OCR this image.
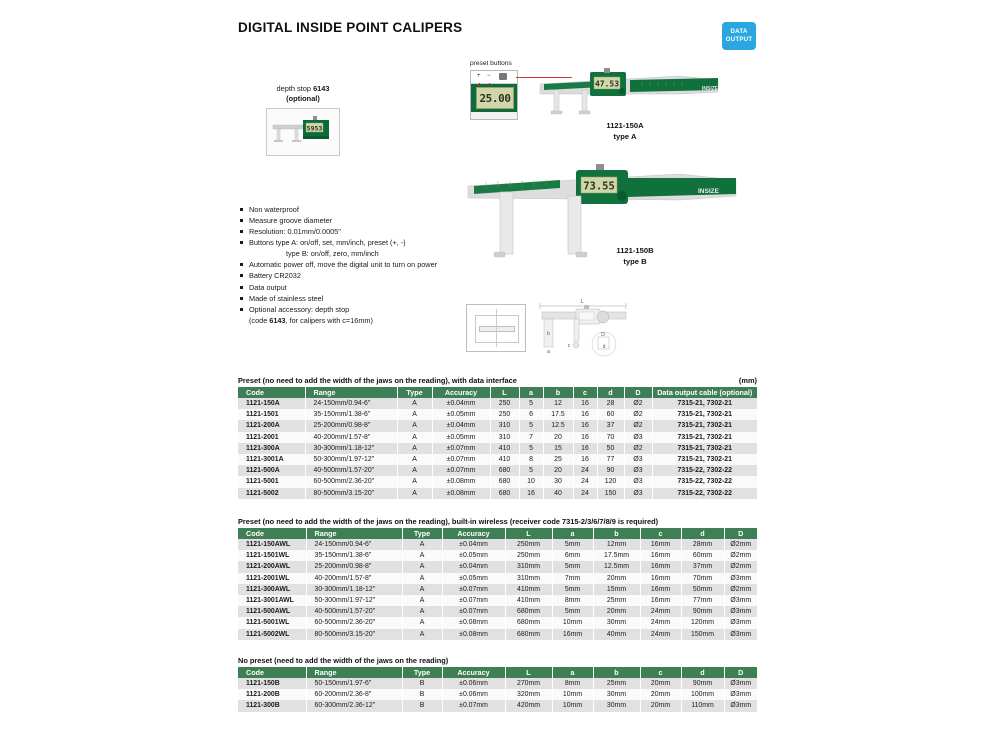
DIGITAL INSIDE POINT CALIPERS	DATA
OUTPUT
depth stop 6143
(optional)
5953
preset buttons
+ −
25.00
INSIZE
47.53
1121-150A
type A
INSIZE
73.55
1121-150B
type B
Non waterproof
Measure groove diameter
Resolution: 0.01mm/0.0005"
Buttons type A: on/off, set, mm/inch, preset (+, -)
type B: on/off, zero, mm/inch
Automatic power off, move the digital unit to turn on power
Battery CR2032
Data output
Made of stainless steel
Optional accessory: depth stop
(code 6143, for calipers with c=16mm)
L
b
a
c
D
d
Preset (no need to add the width of the jaws on the reading), with data interface	(mm)
Code	Range	Type	Accuracy	L	a	b	c	d	D	Data output cable (optional)
1121-150A	24-150mm/0.94-6"	A	±0.04mm	250	5	12	16	28	Ø2	7315-21, 7302-21
1121-1501	35-150mm/1.38-6"	A	±0.05mm	250	6	17.5	16	60	Ø2	7315-21, 7302-21
1121-200A	25-200mm/0.98-8"	A	±0.04mm	310	5	12.5	16	37	Ø2	7315-21, 7302-21
1121-2001	40-200mm/1.57-8"	A	±0.05mm	310	7	20	16	70	Ø3	7315-21, 7302-21
1121-300A	30-300mm/1.18-12"	A	±0.07mm	410	5	15	16	50	Ø2	7315-21, 7302-21
1121-3001A	50-300mm/1.97-12"	A	±0.07mm	410	8	25	16	77	Ø3	7315-21, 7302-21
1121-500A	40-500mm/1.57-20"	A	±0.07mm	680	5	20	24	90	Ø3	7315-22, 7302-22
1121-5001	60-500mm/2.36-20"	A	±0.08mm	680	10	30	24	120	Ø3	7315-22, 7302-22
1121-5002	80-500mm/3.15-20"	A	±0.08mm	680	16	40	24	150	Ø3	7315-22, 7302-22
Preset (no need to add the width of the jaws on the reading), built-in wireless (receiver code 7315-2/3/6/7/8/9 is required)
Code	Range	Type	Accuracy	L	a	b	c	d	D
1121-150AWL	24-150mm/0.94-6"	A	±0.04mm	250mm	5mm	12mm	16mm	28mm	Ø2mm
1121-1501WL	35-150mm/1.38-6"	A	±0.05mm	250mm	6mm	17.5mm	16mm	60mm	Ø2mm
1121-200AWL	25-200mm/0.98-8"	A	±0.04mm	310mm	5mm	12.5mm	16mm	37mm	Ø2mm
1121-2001WL	40-200mm/1.57-8"	A	±0.05mm	310mm	7mm	20mm	16mm	70mm	Ø3mm
1121-300AWL	30-300mm/1.18-12"	A	±0.07mm	410mm	5mm	15mm	16mm	50mm	Ø2mm
1121-3001AWL	50-300mm/1.97-12"	A	±0.07mm	410mm	8mm	25mm	16mm	77mm	Ø3mm
1121-500AWL	40-500mm/1.57-20"	A	±0.07mm	680mm	5mm	20mm	24mm	90mm	Ø3mm
1121-5001WL	60-500mm/2.36-20"	A	±0.08mm	680mm	10mm	30mm	24mm	120mm	Ø3mm
1121-5002WL	80-500mm/3.15-20"	A	±0.08mm	680mm	16mm	40mm	24mm	150mm	Ø3mm
No preset (need to add the width of the jaws on the reading)
Code	Range	Type	Accuracy	L	a	b	c	d	D
1121-150B	50-150mm/1.97-6"	B	±0.06mm	270mm	8mm	25mm	20mm	90mm	Ø3mm
1121-200B	60-200mm/2.36-8"	B	±0.06mm	320mm	10mm	30mm	20mm	100mm	Ø3mm
1121-300B	60-300mm/2.36-12"	B	±0.07mm	420mm	10mm	30mm	20mm	110mm	Ø3mm
